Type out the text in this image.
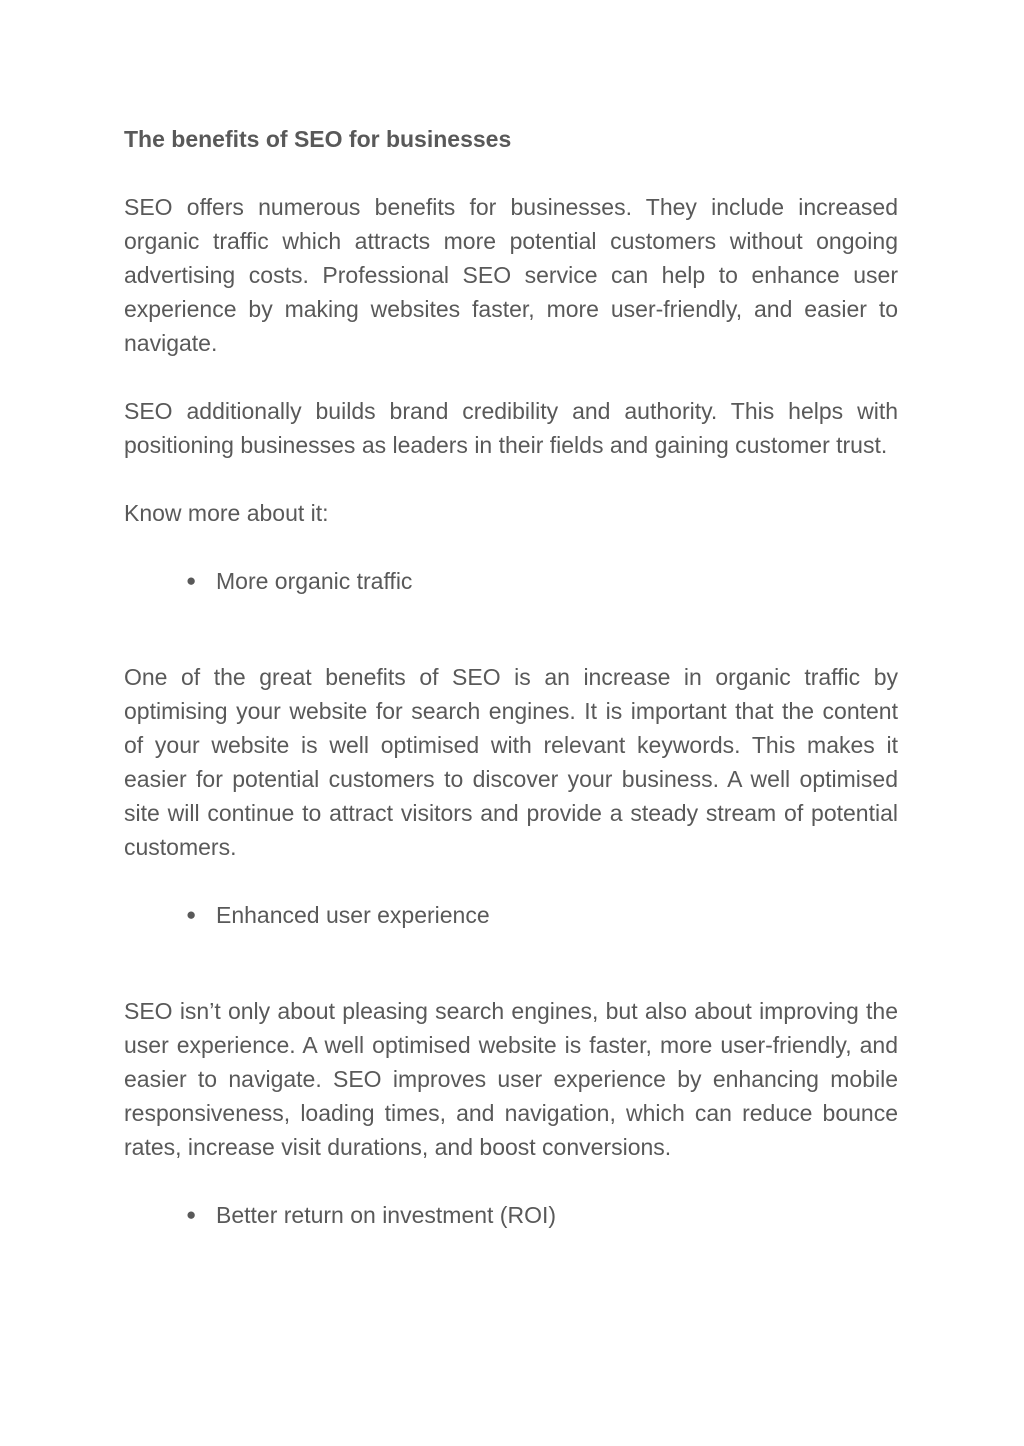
The benefits of SEO for businesses

SEO offers numerous benefits for businesses. They include increased organic traffic which attracts more potential customers without ongoing advertising costs. Professional SEO service can help to enhance user experience by making websites faster, more user-friendly, and easier to navigate.

SEO additionally builds brand credibility and authority. This helps with positioning businesses as leaders in their fields and gaining customer trust.

Know more about it:

● More organic traffic

One of the great benefits of SEO is an increase in organic traffic by optimising your website for search engines. It is important that the content of your website is well optimised with relevant keywords. This makes it easier for potential customers to discover your business. A well optimised site will continue to attract visitors and provide a steady stream of potential customers.

● Enhanced user experience

SEO isn’t only about pleasing search engines, but also about improving the user experience. A well optimised website is faster, more user-friendly, and easier to navigate. SEO improves user experience by enhancing mobile responsiveness, loading times, and navigation, which can reduce bounce rates, increase visit durations, and boost conversions.

● Better return on investment (ROI)
